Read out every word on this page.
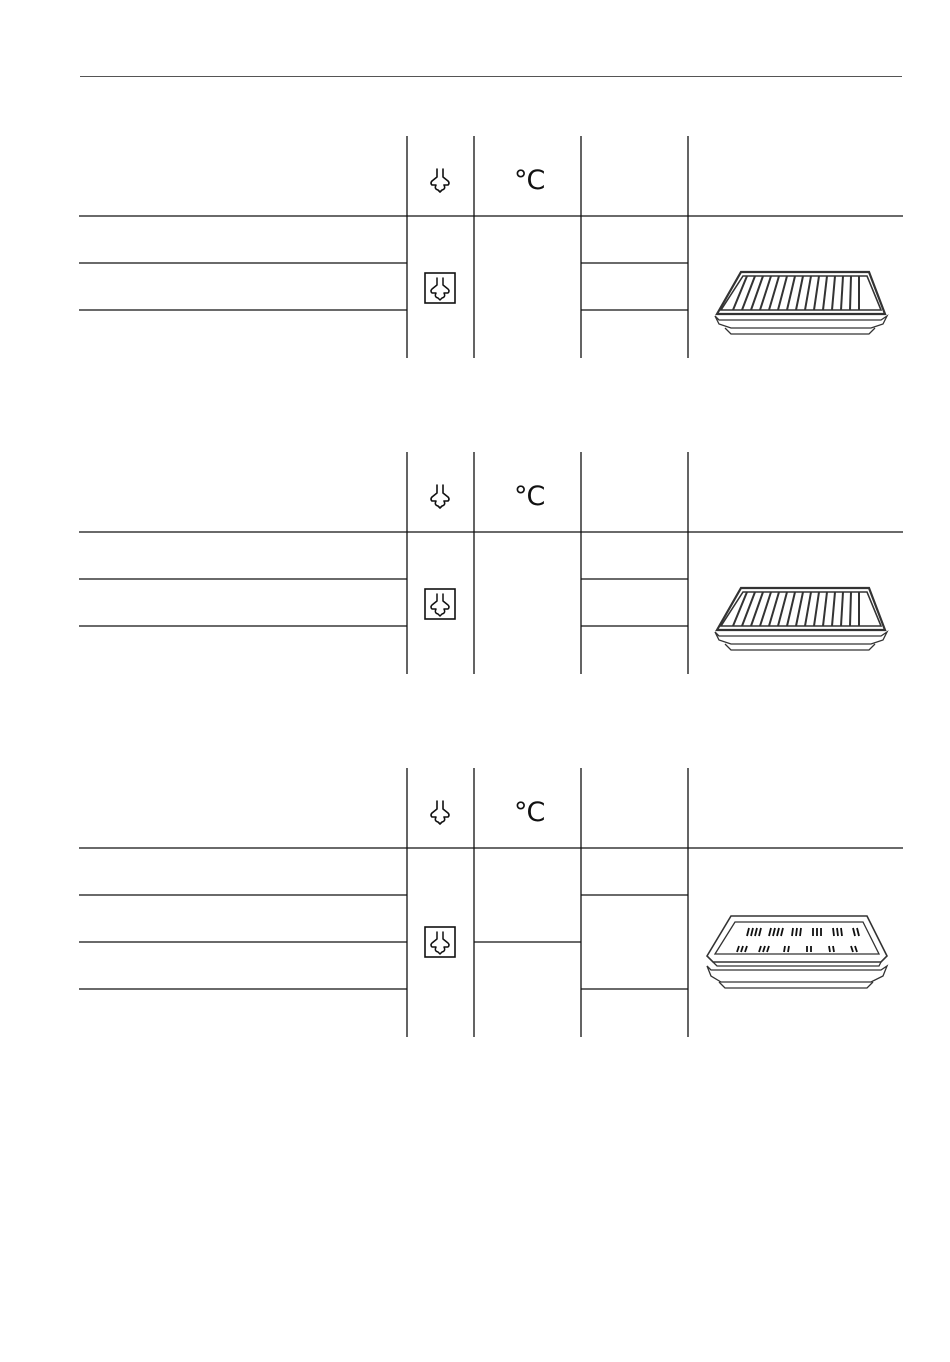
°C
°C
°C
